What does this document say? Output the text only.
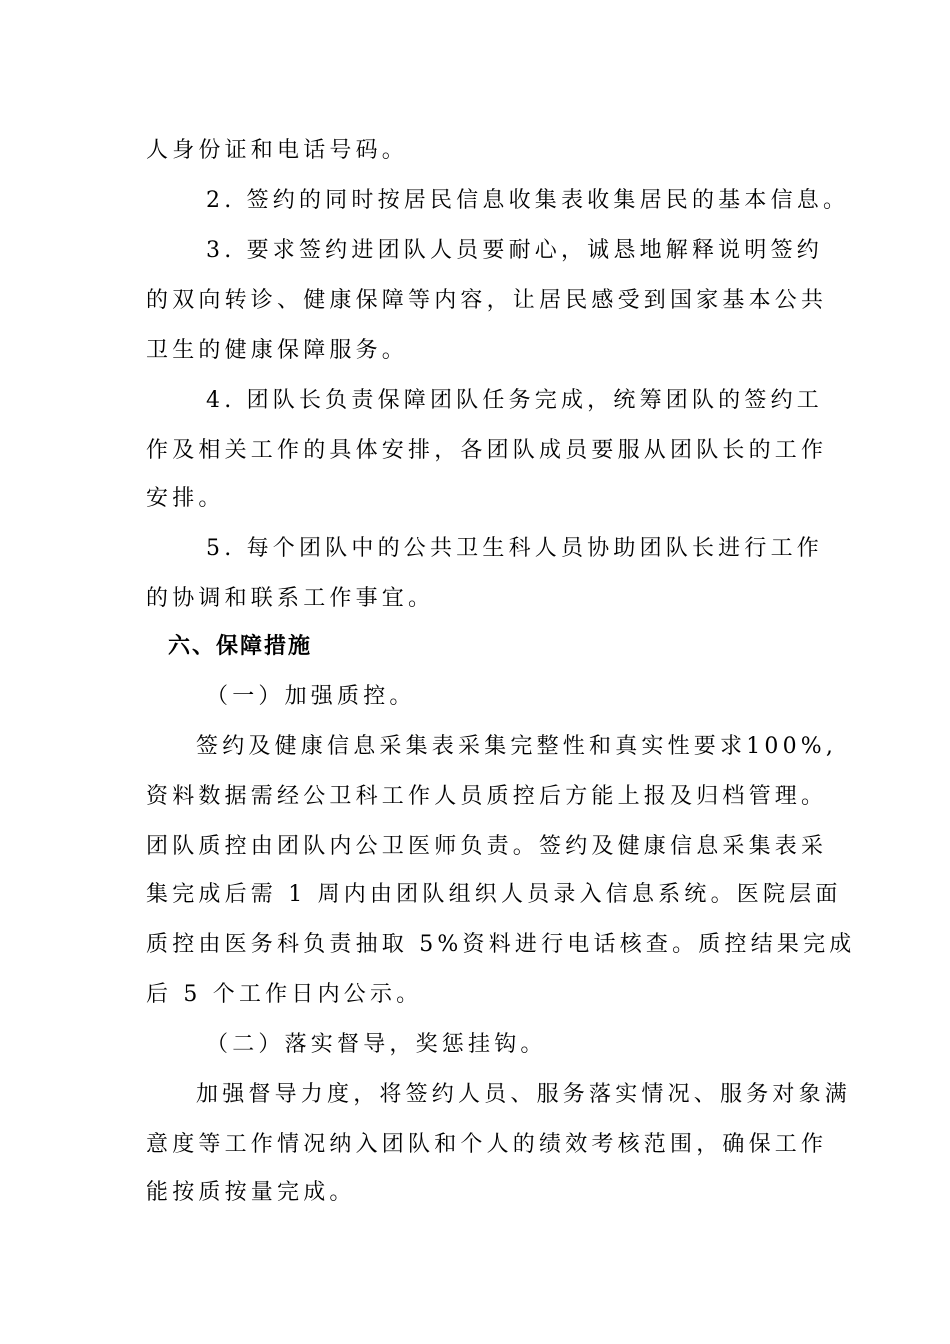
人身份证和电话号码。
2. 签约的同时按居民信息收集表收集居民的基本信息。
3. 要求签约进团队人员要耐心，诚恳地解释说明签约
的双向转诊、健康保障等内容，让居民感受到国家基本公共
卫生的健康保障服务。
4. 团队长负责保障团队任务完成，统筹团队的签约工
作及相关工作的具体安排，各团队成员要服从团队长的工作
安排。
5. 每个团队中的公共卫生科人员协助团队长进行工作
的协调和联系工作事宜。
六、保障措施
（一）加强质控。
签约及健康信息采集表采集完整性和真实性要求100%,
资料数据需经公卫科工作人员质控后方能上报及归档管理。
团队质控由团队内公卫医师负责。签约及健康信息采集表采
集完成后需 1 周内由团队组织人员录入信息系统。医院层面
质控由医务科负责抽取 5%资料进行电话核查。质控结果完成
后 5 个工作日内公示。
（二）落实督导，奖惩挂钩。
加强督导力度，将签约人员、服务落实情况、服务对象满
意度等工作情况纳入团队和个人的绩效考核范围，确保工作
能按质按量完成。
